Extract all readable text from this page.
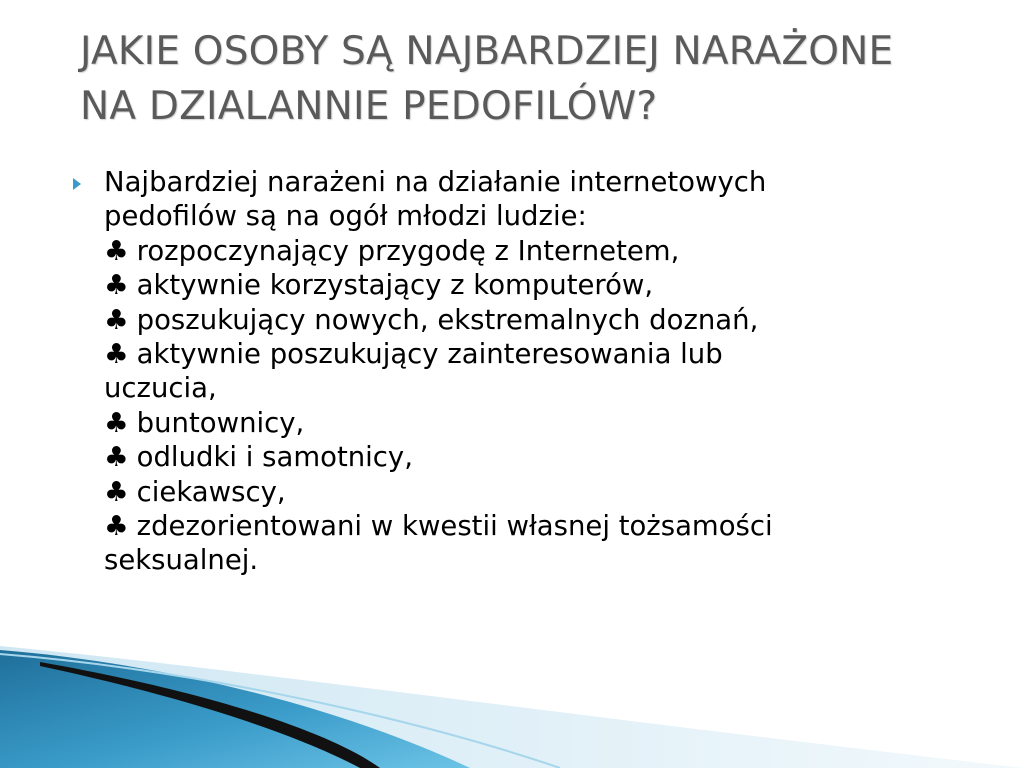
JAKIE OSOBY SĄ NAJBARDZIEJ NARAŻONE
NA DZIALANNIE PEDOFILÓW?
Najbardziej narażeni na działanie internetowych
pedofilów są na ogół młodzi ludzie:
♣ rozpoczynający przygodę z Internetem,
♣ aktywnie korzystający z komputerów,
♣ poszukujący nowych, ekstremalnych doznań,
♣ aktywnie poszukujący zainteresowania lub
uczucia,
♣ buntownicy,
♣ odludki i samotnicy,
♣ ciekawscy,
♣ zdezorientowani w kwestii własnej tożsamości
seksualnej.
